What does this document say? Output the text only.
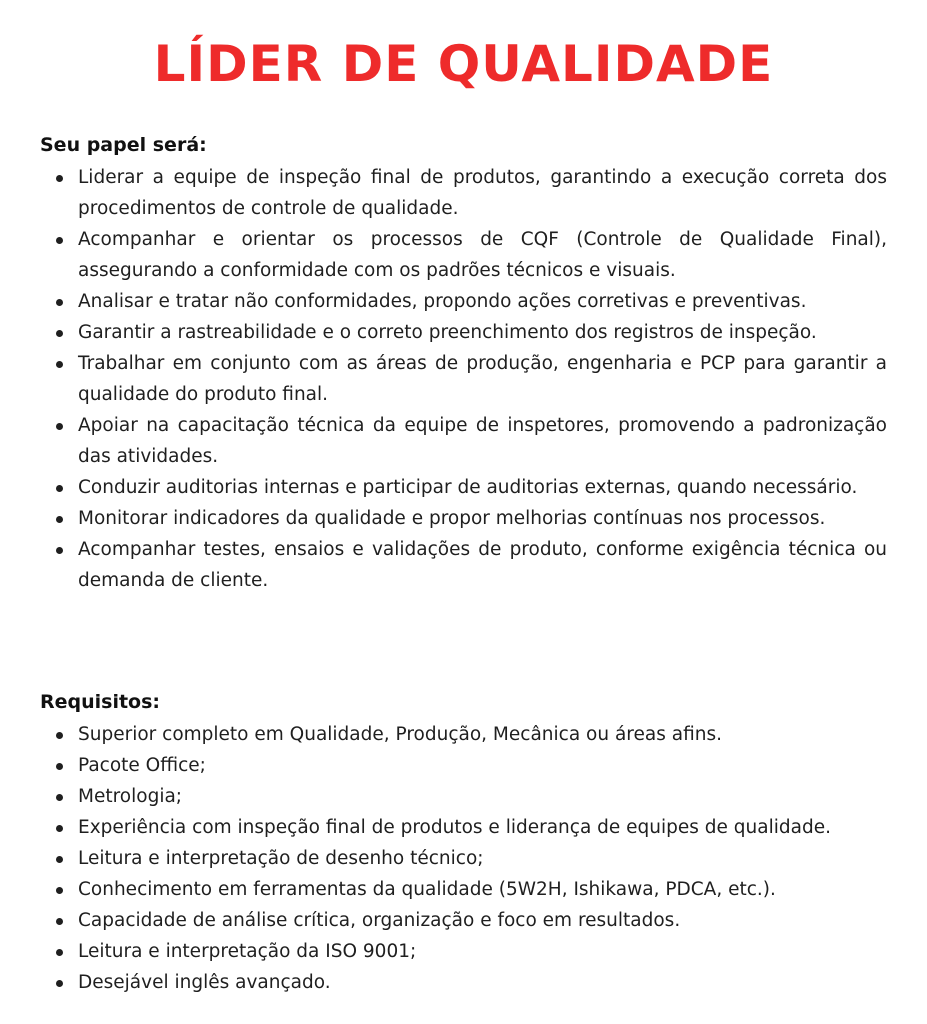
LÍDER DE QUALIDADE
Seu papel será:
Liderar a equipe de inspeção final de produtos, garantindo a execução correta dos procedimentos de controle de qualidade.
Acompanhar e orientar os processos de CQF (Controle de Qualidade Final), assegurando a conformidade com os padrões técnicos e visuais.
Analisar e tratar não conformidades, propondo ações corretivas e preventivas.
Garantir a rastreabilidade e o correto preenchimento dos registros de inspeção.
Trabalhar em conjunto com as áreas de produção, engenharia e PCP para garantir a qualidade do produto final.
Apoiar na capacitação técnica da equipe de inspetores, promovendo a padronização das atividades.
Conduzir auditorias internas e participar de auditorias externas, quando necessário.
Monitorar indicadores da qualidade e propor melhorias contínuas nos processos.
Acompanhar testes, ensaios e validações de produto, conforme exigência técnica ou demanda de cliente.
Requisitos:
Superior completo em Qualidade, Produção, Mecânica ou áreas afins.
Pacote Office;
Metrologia;
Experiência com inspeção final de produtos e liderança de equipes de qualidade.
Leitura e interpretação de desenho técnico;
Conhecimento em ferramentas da qualidade (5W2H, Ishikawa, PDCA, etc.).
Capacidade de análise crítica, organização e foco em resultados.
Leitura e interpretação da ISO 9001;
Desejável inglês avançado.
